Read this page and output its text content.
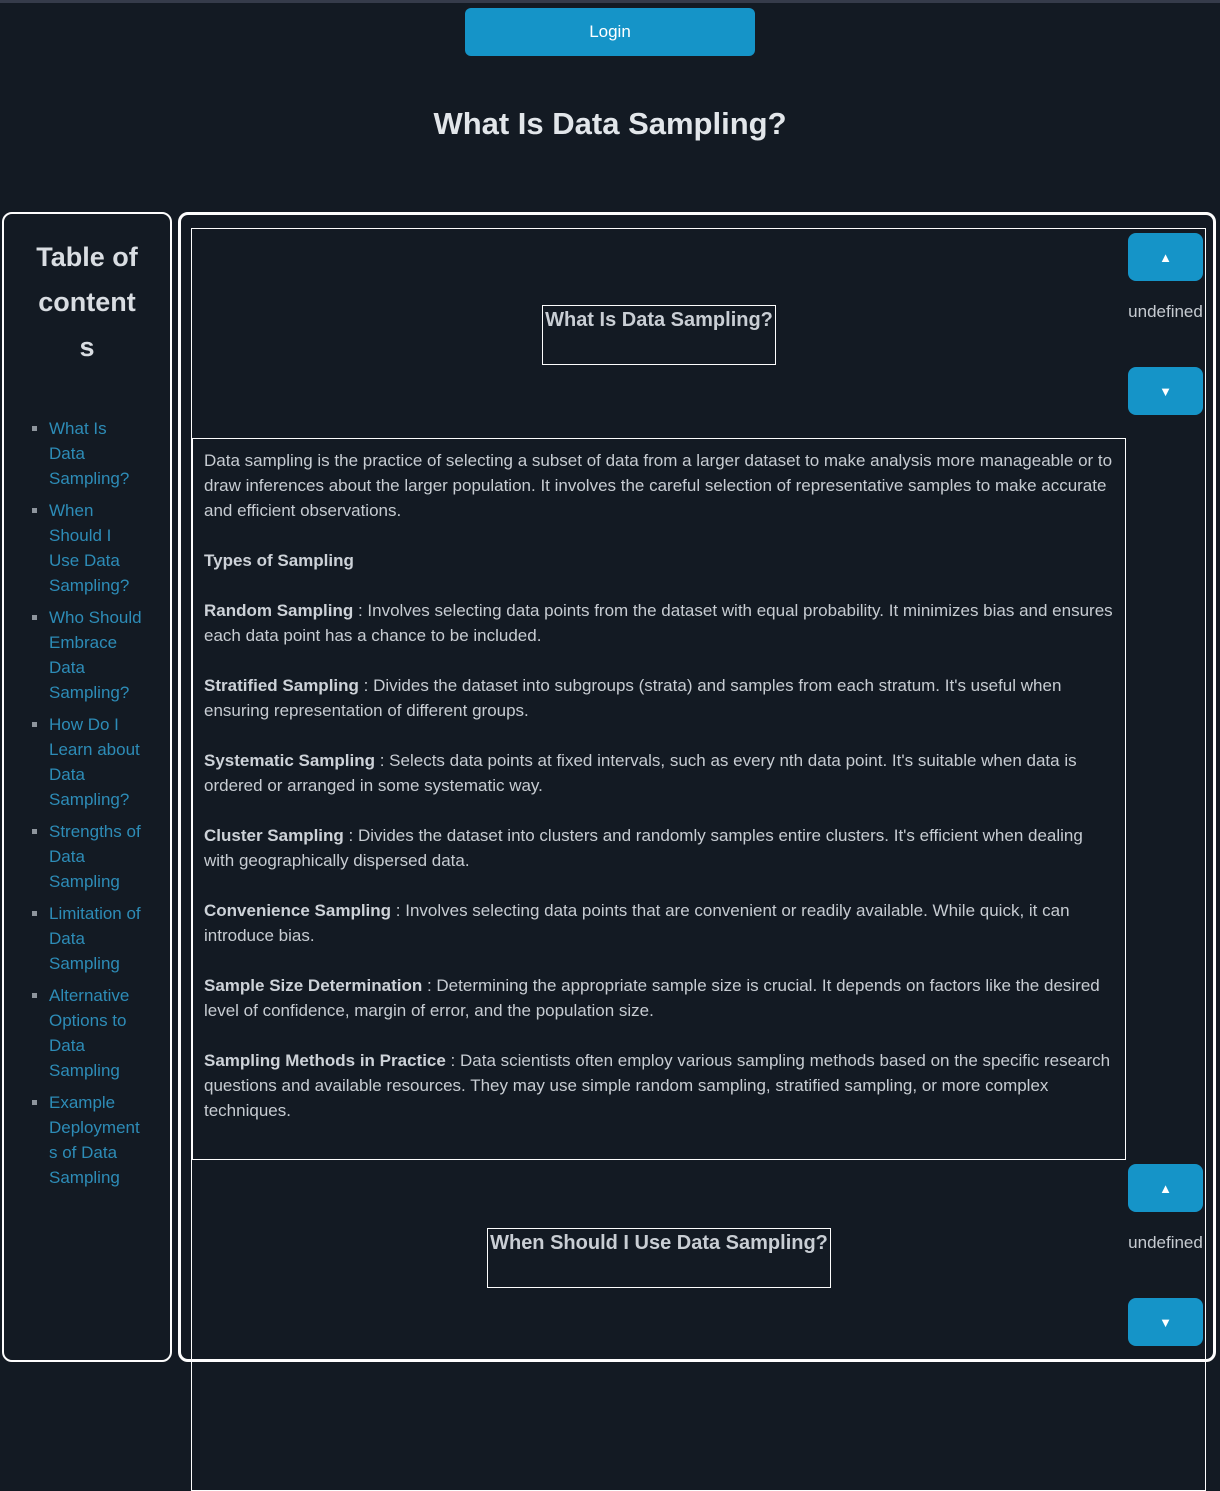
Login
What Is Data Sampling?
Table of contents
▪ What Is Data Sampling?
▪ When Should I Use Data Sampling?
▪ Who Should Embrace Data Sampling?
▪ How Do I Learn about Data Sampling?
▪ Strengths of Data Sampling
▪ Limitation of Data Sampling
▪ Alternative Options to Data Sampling
▪ Example Deployments of Data Sampling
What Is Data Sampling?

Data sampling is the practice of selecting a subset of data from a larger dataset to make analysis more manageable or to draw inferences about the larger population. It involves the careful selection of representative samples to make accurate and efficient observations.

Types of Sampling

Random Sampling : Involves selecting data points from the dataset with equal probability. It minimizes bias and ensures each data point has a chance to be included.

Stratified Sampling : Divides the dataset into subgroups (strata) and samples from each stratum. It's useful when ensuring representation of different groups.

Systematic Sampling : Selects data points at fixed intervals, such as every nth data point. It's suitable when data is ordered or arranged in some systematic way.

Cluster Sampling : Divides the dataset into clusters and randomly samples entire clusters. It's efficient when dealing with geographically dispersed data.

Convenience Sampling : Involves selecting data points that are convenient or readily available. While quick, it can introduce bias.

Sample Size Determination : Determining the appropriate sample size is crucial. It depends on factors like the desired level of confidence, margin of error, and the population size.

Sampling Methods in Practice : Data scientists often employ various sampling methods based on the specific research questions and available resources. They may use simple random sampling, stratified sampling, or more complex techniques.

▲
undefined
▼
When Should I Use Data Sampling?
▲
undefined
▼
